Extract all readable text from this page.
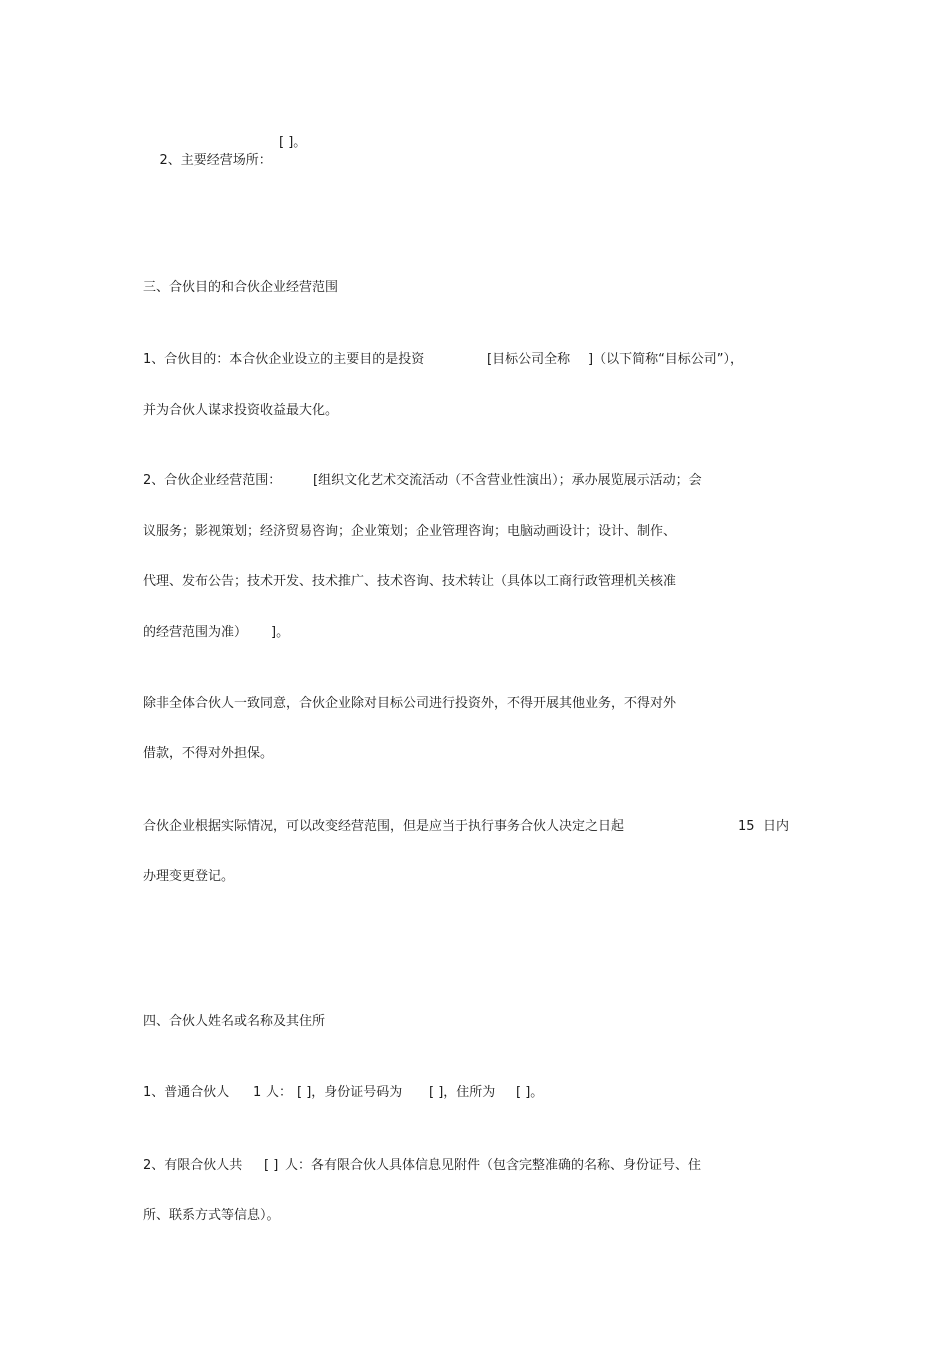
2、主要经营场所：

[ ]。
三、合伙目的和合伙企业经营范围
1、合伙目的：本合伙企业设立的主要目的是投资	[目标公司全称 ]（以下简称“目标公司”），
并为合伙人谋求投资收益最大化。
2、合伙企业经营范围： [组织文化艺术交流活动（不含营业性演出）；承办展览展示活动；会
议服务；影视策划；经济贸易咨询；企业策划；企业管理咨询；电脑动画设计；设计、制作、
代理、发布公告；技术开发、技术推广、技术咨询、技术转让（具体以工商行政管理机关核准
的经营范围为准） ]。
除非全体合伙人一致同意，合伙企业除对目标公司进行投资外，不得开展其他业务，不得对外
借款，不得对外担保。
合伙企业根据实际情况，可以改变经营范围，但是应当于执行事务合伙人决定之日起	15 日内
办理变更登记。
四、合伙人姓名或名称及其住所
1、普通合伙人 1 人： [ ]，身份证号码为 [ ]，住所为 [ ]。
2、有限合伙人共 [ ] 人：各有限合伙人具体信息见附件（包含完整准确的名称、身份证号、住
所、联系方式等信息）。
